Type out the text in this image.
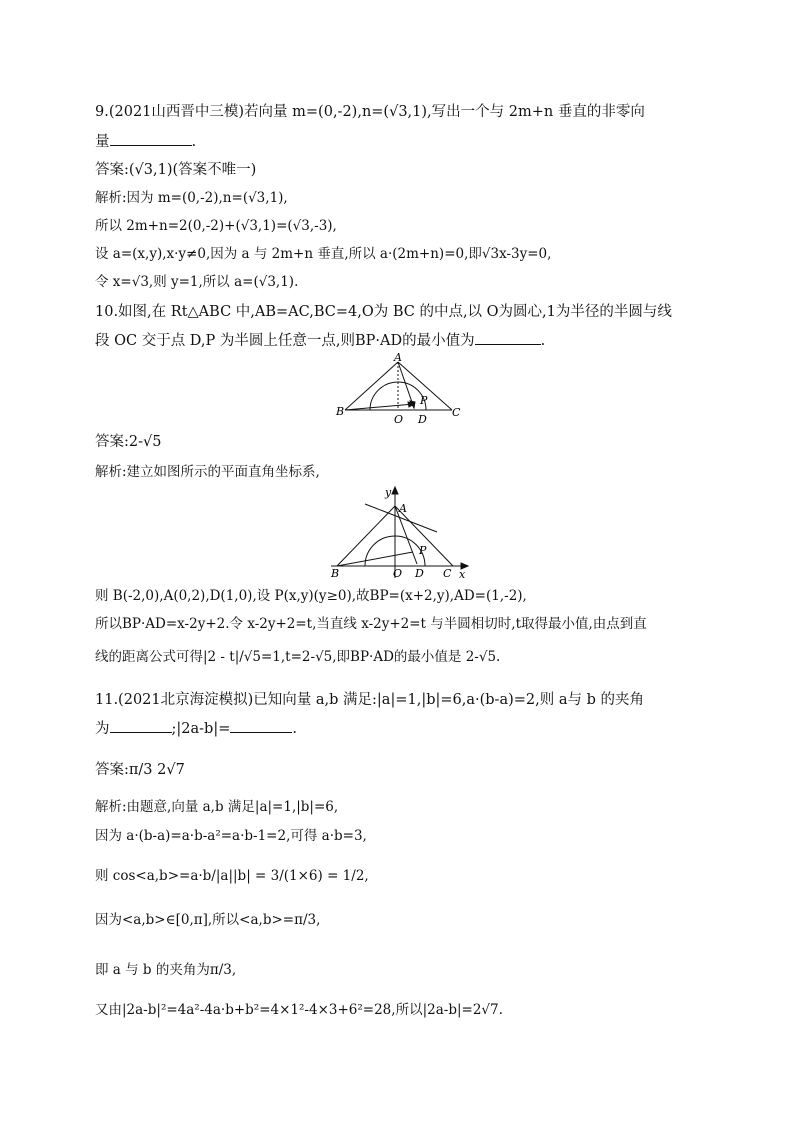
9.(2021山西晋中三模)若向量 m=(0,-2),n=(√3,1),写出一个与 2m+n 垂直的非零向
量	.
答案:(√3,1)(答案不唯一)
解析:因为 m=(0,-2),n=(√3,1),
所以 2m+n=2(0,-2)+(√3,1)=(√3,-3),
设 a=(x,y),x·y≠0,因为 a 与 2m+n 垂直,所以 a·(2m+n)=0,即√3x-3y=0,
令 x=√3,则 y=1,所以 a=(√3,1).
10.如图,在 Rt△ABC 中,AB=AC,BC=4,O为 BC 的中点,以 O为圆心,1为半径的半圆与线
段 OC 交于点 D,P 为半圆上任意一点,则BP·AD的最小值为	.
A
B	C
O D
P
答案:2-√5
解析:建立如图所示的平面直角坐标系,
y
A
B	C
O D
P
x
则 B(-2,0),A(0,2),D(1,0),设 P(x,y)(y≥0),故BP=(x+2,y),AD=(1,-2),
所以BP·AD=x-2y+2.令 x-2y+2=t,当直线 x-2y+2=t 与半圆相切时,t取得最小值,由点到直
线的距离公式可得|2 - t|/√5=1,t=2-√5,即BP·AD的最小值是 2-√5.
11.(2021北京海淀模拟)已知向量 a,b 满足:|a|=1,|b|=6,a·(b-a)=2,则 a与 b 的夹角
为	;|2a-b|=	.
答案:π/3 2√7
解析:由题意,向量 a,b 满足|a|=1,|b|=6,
因为 a·(b-a)=a·b-a²=a·b-1=2,可得 a·b=3,
则 cos<a,b>=a·b/|a||b| = 3/(1×6) = 1/2,
因为<a,b>∈[0,π],所以<a,b>=π/3,
即 a 与 b 的夹角为π/3,
又由|2a-b|²=4a²-4a·b+b²=4×1²-4×3+6²=28,所以|2a-b|=2√7.
